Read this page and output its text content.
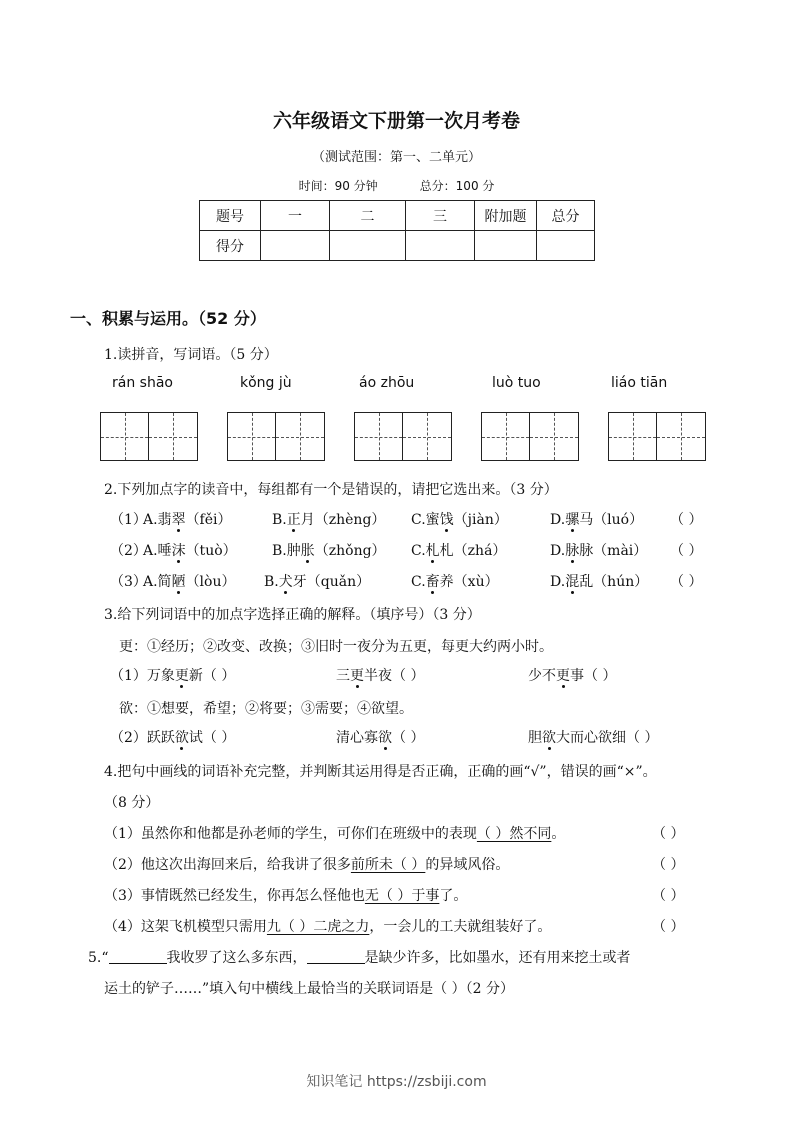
六年级语文下册第一次月考卷
（测试范围：第一、二单元）
时间：90 分钟	总分：100 分
题号	一	二	三	附加题	总分
得分					
一、积累与运用。（52 分）
1.读拼音，写词语。（5 分）
rán shāo	kǒng jù	áo zhōu	luò tuo	liáo tiān
2.下列加点字的读音中，每组都有一个是错误的，请把它选出来。（3 分）
（1）
A.翡翠（fěi）	B.正月（zhèng） C.蜜饯（jiàn）	D.骡马（luó） （ ）
（2）
A.唾沫（tuò）	B.肿胀（zhǒng） C.札札（zhá）	D.脉脉（mài） （ ）
（3）
A.简陋（lòu） B.犬牙（quǎn）	C.畜养（xù）	D.混乱（hún） （ ）
3.给下列词语中的加点字选择正确的解释。（填序号）（3 分）
更：①经历；②改变、改换；③旧时一夜分为五更，每更大约两小时。
（1）万象更新（ ）	三更半夜（ ）	少不更事（ ）
欲：①想要，希望；②将要；③需要；④欲望。
（2）跃跃欲试（ ）	清心寡欲（ ）	胆欲大而心欲细（ ）
4.把句中画线的词语补充完整，并判断其运用得是否正确，正确的画“√”，错误的画“×”。
（8 分）
（1）虽然你和他都是孙老师的学生，可你们在班级中的表现（ ）然不同。	（ ）
（2）他这次出海回来后，给我讲了很多前所未（ ）的异域风俗。	（ ）
（3）事情既然已经发生，你再怎么怪他也无（ ）于事了。	（ ）
（4）这架飞机模型只需用九（ ）二虎之力，一会儿的工夫就组装好了。	（ ）
5.“	我收罗了这么多东西，	是缺少许多，比如墨水，还有用来挖土或者
运土的铲子……”填入句中横线上最恰当的关联词语是（ ）（2 分）
知识笔记 https://zsbiji.com
